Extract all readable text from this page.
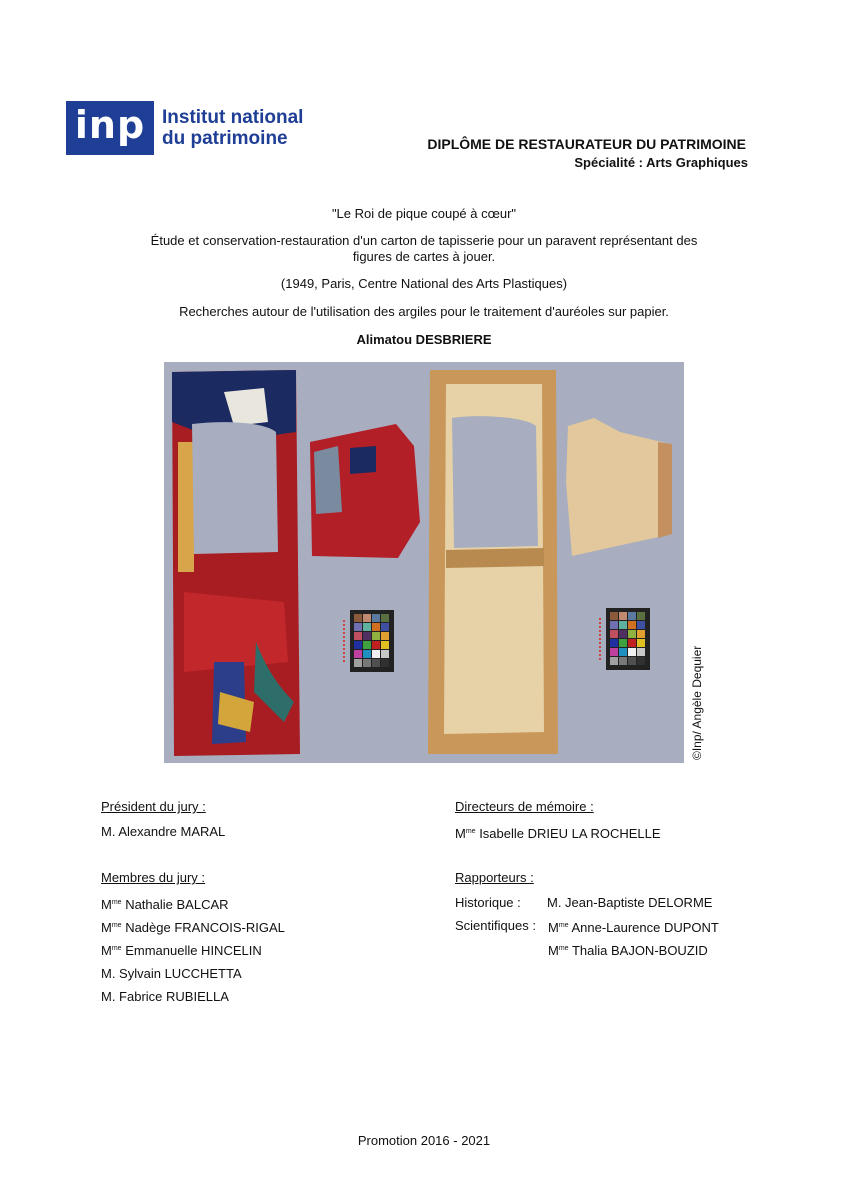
inp Institut national
du patrimoine	DIPLÔME DE RESTAURATEUR DU PATRIMOINE
Spécialité : Arts Graphiques
"Le Roi de pique coupé à cœur"
Étude et conservation-restauration d'un carton de tapisserie pour un paravent représentant des
figures de cartes à jouer.
(1949, Paris, Centre National des Arts Plastiques)
Recherches autour de l'utilisation des argiles pour le traitement d'auréoles sur papier.
Alimatou DESBRIERE
©Inp/ Angèle Dequier
Président du jury :
M. Alexandre MARAL
Membres du jury :
$M^{me}$ Nathalie BALCAR
$M^{me}$ Nadège FRANCOIS-RIGAL
$M^{me}$ Emmanuelle HINCELIN
M. Sylvain LUCCHETTA
M. Fabrice RUBIELLA
Directeurs de mémoire :
$M^{me}$ Isabelle DRIEU LA ROCHELLE
Rapporteurs :
Historique : M. Jean-Baptiste DELORME
Scientifiques : $M^{me}$ Anne-Laurence DUPONT
$M^{me}$ Thalia BAJON-BOUZID
Promotion 2016 - 2021
